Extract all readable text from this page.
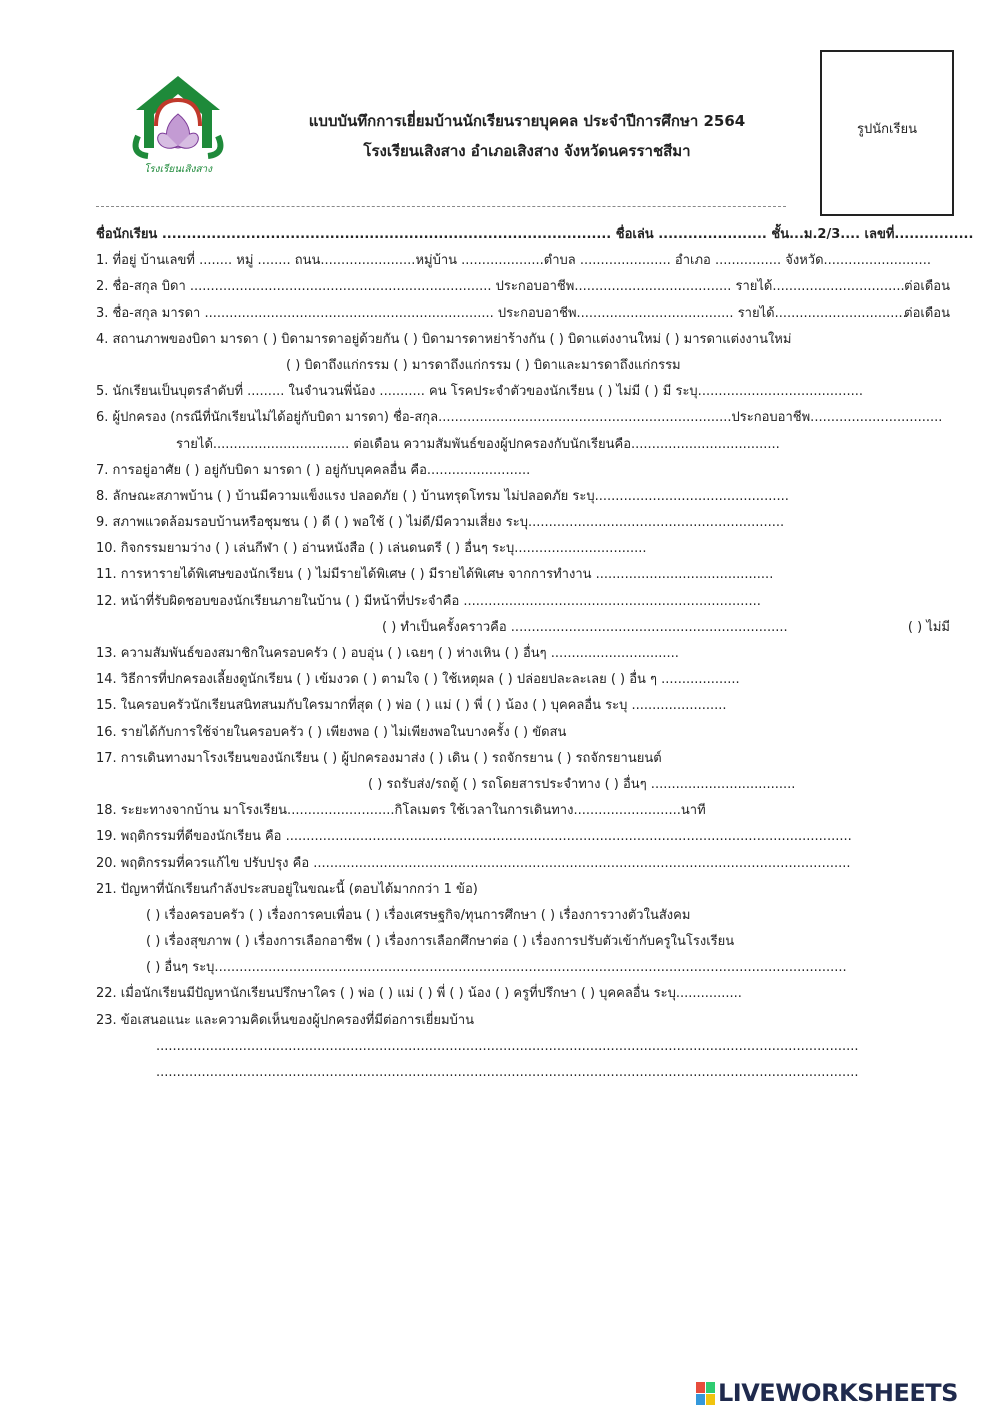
โรงเรียนเสิงสาง
แบบบันทึกการเยี่ยมบ้านนักเรียนรายบุคคล ประจำปีการศึกษา 2564
โรงเรียนเสิงสาง อำเภอเสิงสาง จังหวัดนครราชสีมา
รูปนักเรียน
ชื่อนักเรียน ........................................................................................... ชื่อเล่น ...................... ชั้น...ม.2/3.... เลขที่................
1. ที่อยู่ บ้านเลขที่ ........ หมู่ ........ ถนน.......................หมู่บ้าน ....................ตำบล ...................... อำเภอ ................ จังหวัด..........................
2. ชื่อ-สกุล บิดา ......................................................................... ประกอบอาชีพ...................................... รายได้................................ ต่อเดือน
3. ชื่อ-สกุล มารดา ...................................................................... ประกอบอาชีพ...................................... รายได้................................
ต่อเดือน
4. สถานภาพของบิดา มารดา ( ) บิดามารดาอยู่ด้วยกัน ( ) บิดามารดาหย่าร้างกัน ( ) บิดาแต่งงานใหม่ ( ) มารดาแต่งงานใหม่
( ) บิดาถึงแก่กรรม ( ) มารดาถึงแก่กรรม ( ) บิดาและมารดาถึงแก่กรรม
5. นักเรียนเป็นบุตรลำดับที่ ......... ในจำนวนพี่น้อง ........... คน โรคประจำตัวของนักเรียน ( ) ไม่มี ( ) มี ระบุ........................................
6. ผู้ปกครอง (กรณีที่นักเรียนไม่ได้อยู่กับบิดา มารดา) ชื่อ-สกุล.......................................................................ประกอบอาชีพ................................
รายได้................................. ต่อเดือน ความสัมพันธ์ของผู้ปกครองกับนักเรียนคือ....................................
7. การอยู่อาศัย ( ) อยู่กับบิดา มารดา ( ) อยู่กับบุคคลอื่น คือ.........................
8. ลักษณะสภาพบ้าน ( ) บ้านมีความแข็งแรง ปลอดภัย ( ) บ้านทรุดโทรม ไม่ปลอดภัย ระบุ...............................................
9. สภาพแวดล้อมรอบบ้านหรือชุมชน ( ) ดี ( ) พอใช้ ( ) ไม่ดี/มีความเสี่ยง ระบุ..............................................................
10. กิจกรรมยามว่าง ( ) เล่นกีฬา ( ) อ่านหนังสือ ( ) เล่นดนตรี ( ) อื่นๆ ระบุ................................
11. การหารายได้พิเศษของนักเรียน ( ) ไม่มีรายได้พิเศษ ( ) มีรายได้พิเศษ จากการทำงาน ...........................................
12. หน้าที่รับผิดชอบของนักเรียนภายในบ้าน ( ) มีหน้าที่ประจำคือ ........................................................................
( ) ทำเป็นครั้งคราวคือ ...................................................................	( ) ไม่มี
13. ความสัมพันธ์ของสมาชิกในครอบครัว ( ) อบอุ่น ( ) เฉยๆ ( ) ห่างเหิน ( ) อื่นๆ ...............................
14. วิธีการที่ปกครองเลี้ยงดูนักเรียน ( ) เข้มงวด ( ) ตามใจ ( ) ใช้เหตุผล ( ) ปล่อยปละละเลย ( ) อื่น ๆ ...................
15. ในครอบครัวนักเรียนสนิทสนมกับใครมากที่สุด ( ) พ่อ ( ) แม่ ( ) พี่ ( ) น้อง ( ) บุคคลอื่น ระบุ .......................
16. รายได้กับการใช้จ่ายในครอบครัว ( ) เพียงพอ ( ) ไม่เพียงพอในบางครั้ง ( ) ขัดสน
17. การเดินทางมาโรงเรียนของนักเรียน ( ) ผู้ปกครองมาส่ง ( ) เดิน ( ) รถจักรยาน ( ) รถจักรยานยนต์
( ) รถรับส่ง/รถตู้ ( ) รถโดยสารประจำทาง ( ) อื่นๆ ...................................
18. ระยะทางจากบ้าน มาโรงเรียน..........................กิโลเมตร ใช้เวลาในการเดินทาง..........................นาที
19. พฤติกรรมที่ดีของนักเรียน คือ .........................................................................................................................................
20. พฤติกรรมที่ควรแก้ไข ปรับปรุง คือ ..................................................................................................................................
21. ปัญหาที่นักเรียนกำลังประสบอยู่ในขณะนี้ (ตอบได้มากกว่า 1 ข้อ)
( ) เรื่องครอบครัว ( ) เรื่องการคบเพื่อน ( ) เรื่องเศรษฐกิจ/ทุนการศึกษา ( ) เรื่องการวางตัวในสังคม
( ) เรื่องสุขภาพ ( ) เรื่องการเลือกอาชีพ ( ) เรื่องการเลือกศึกษาต่อ ( ) เรื่องการปรับตัวเข้ากับครูในโรงเรียน
( ) อื่นๆ ระบุ.........................................................................................................................................................
22. เมื่อนักเรียนมีปัญหานักเรียนปรึกษาใคร ( ) พ่อ ( ) แม่ ( ) พี่ ( ) น้อง ( ) ครูที่ปรึกษา ( ) บุคคลอื่น ระบุ................
23. ข้อเสนอแนะ และความคิดเห็นของผู้ปกครองที่มีต่อการเยี่ยมบ้าน
..........................................................................................................................................................................
..........................................................................................................................................................................
LIVEWORKSHEETS
